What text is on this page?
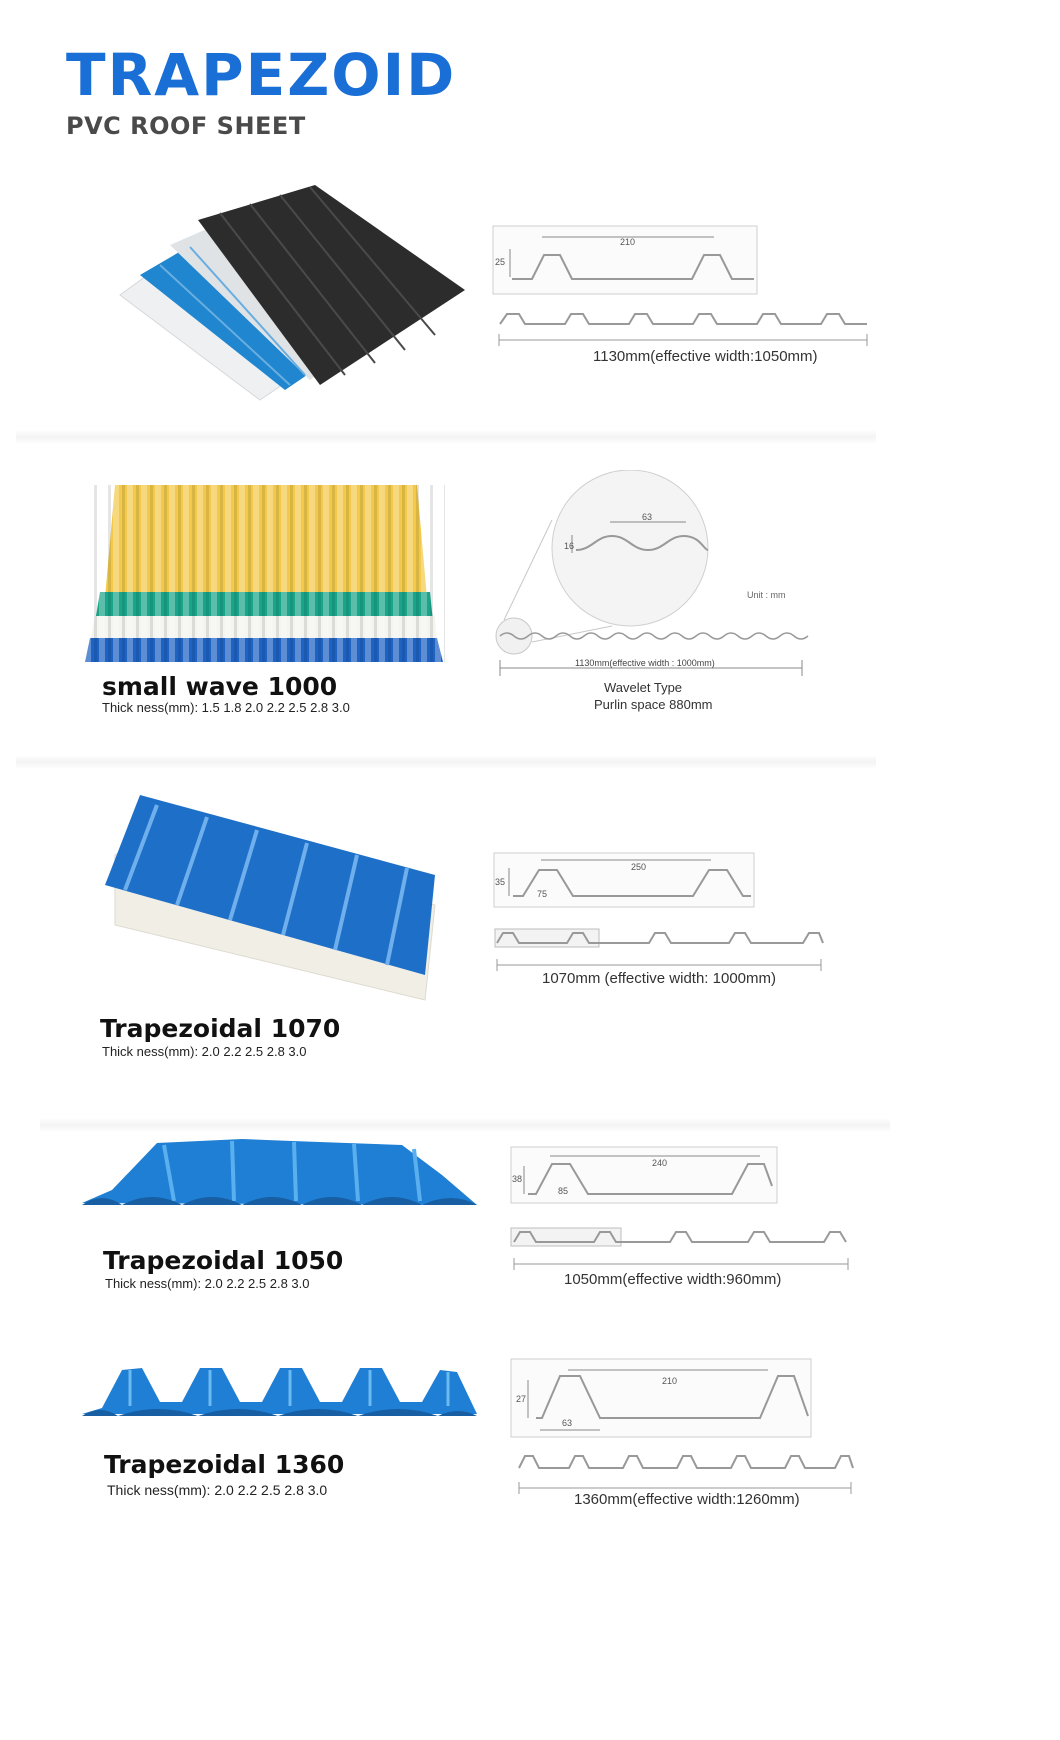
TRAPEZOID
PVC ROOF SHEET
210
25
1130mm(effective width:1050mm)
small wave 1000
Thick ness(mm): 1.5 1.8 2.0 2.2 2.5 2.8 3.0
63
16
Unit : mm
1130mm(effective width : 1000mm)
Wavelet Type
Purlin space 880mm
Trapezoidal 1070
Thick ness(mm): 2.0 2.2 2.5 2.8 3.0
250
35
75
1070mm (effective width: 1000mm)
Trapezoidal 1050
Thick ness(mm): 2.0 2.2 2.5 2.8 3.0
240
38
85
1050mm(effective width:960mm)
Trapezoidal 1360
Thick ness(mm): 2.0 2.2 2.5 2.8 3.0
210
27
63
1360mm(effective width:1260mm)
